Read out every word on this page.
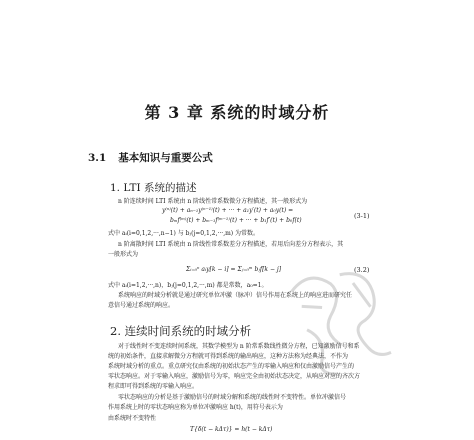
第 3 章 系统的时域分析
3.1 基本知识与重要公式
1. LTI 系统的描述
n 阶连续时间 LTI 系统由 n 阶线性常系数微分方程描述，其一般形式为
y⁽ⁿ⁾(t) + aₙ₋₁y⁽ⁿ⁻¹⁾(t) + ··· + a₁y′(t) + a₀y(t) =
bₘf⁽ᵐ⁾(t) + bₘ₋₁f⁽ᵐ⁻¹⁾(t) + ··· + b₁f′(t) + b₀f(t)
(3-1)
式中 aᵢ(i=0,1,2,···,n−1) 与 bⱼ(j=0,1,2,···,m) 为常数。
n 阶离散时间 LTI 系统由 n 阶线性常系数差分方程描述，若用后向差分方程表示，其
一般形式为
Σᵢ₌₀ⁿ aᵢy[k − i] = Σⱼ₌₀ᵐ bⱼf[k − j]	(3.2)
式中 aᵢ(i=1,2,···,n)，bⱼ(j=0,1,2,···,m) 都是常数，a₀=1。
系统响应的时域分析就是通过研究单位冲激（脉冲）信号作用在系统上的响应进而研究任
意信号通过系统的响应。
2. 连续时间系统的时域分析
对于线性时不变连续时间系统，其数学模型为 n 阶常系数线性微分方程，已知激励信号和系
统的初始条件，直接求解微分方程就可得到系统的输出响应，这种方法称为经典法，不作为
系统时域分析的重点。重点研究仅由系统的初始状态产生的零输入响应和仅由激励信号产生的
零状态响应。对于零输入响应，激励信号为零，响应完全由初始状态决定，从响应对应的齐次方
程求即可得到系统的零输入响应。
零状态响应的分析是基于激励信号的时域分解和系统的线性时不变特性。单位冲激信号
作用系统上时的零状态响应称为单位冲激响应 h(t)，用符号表示为
由系统时不变特性
T{δ(t − kΔτ)} = h(t − kΔτ)
